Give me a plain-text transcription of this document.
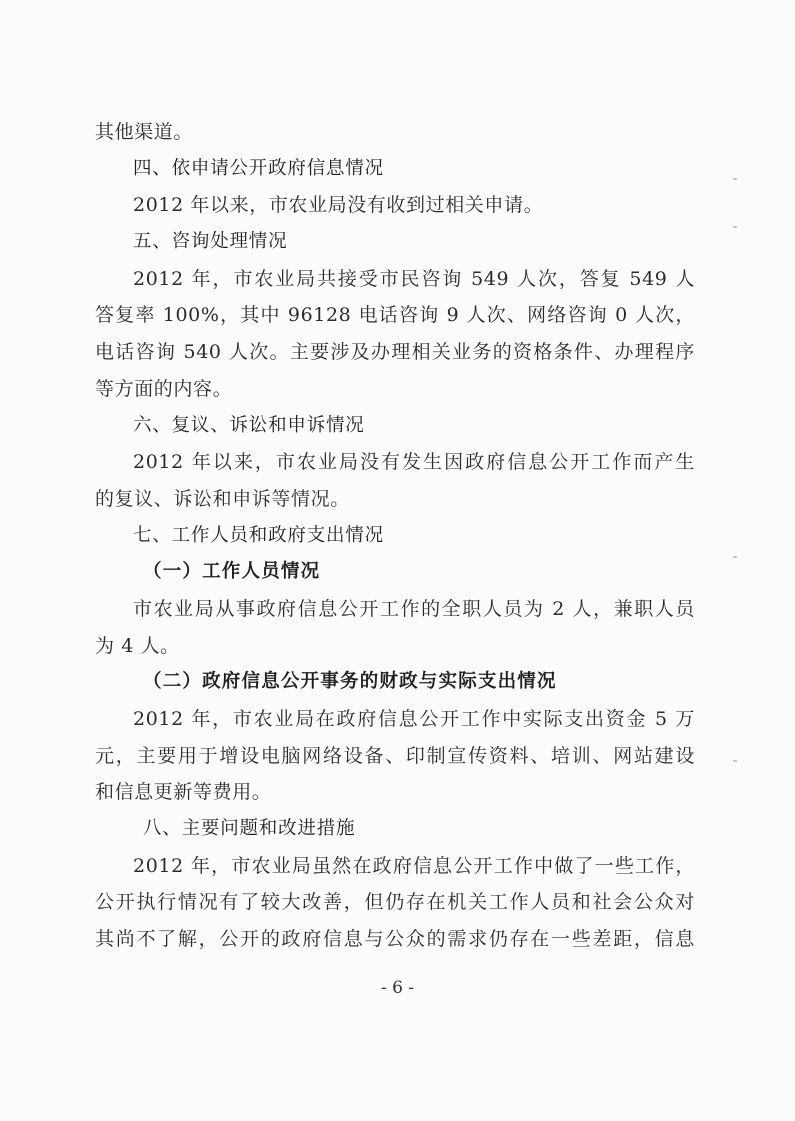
其他渠道。
四、依申请公开政府信息情况
2012 年以来，市农业局没有收到过相关申请。
五、咨询处理情况
2012 年，市农业局共接受市民咨询 549 人次，答复 549 人
答复率 100%，其中 96128 电话咨询 9 人次、网络咨询 0 人次，
电话咨询 540 人次。主要涉及办理相关业务的资格条件、办理程序
等方面的内容。
六、复议、诉讼和申诉情况
2012 年以来，市农业局没有发生因政府信息公开工作而产生
的复议、诉讼和申诉等情况。
七、工作人员和政府支出情况
（一）工作人员情况
市农业局从事政府信息公开工作的全职人员为 2 人，兼职人员
为 4 人。
（二）政府信息公开事务的财政与实际支出情况
2012 年，市农业局在政府信息公开工作中实际支出资金 5 万
元，主要用于增设电脑网络设备、印制宣传资料、培训、网站建设
和信息更新等费用。
八、主要问题和改进措施
2012 年，市农业局虽然在政府信息公开工作中做了一些工作，
公开执行情况有了较大改善，但仍存在机关工作人员和社会公众对
其尚不了解，公开的政府信息与公众的需求仍存在一些差距，信息
- 6 -
